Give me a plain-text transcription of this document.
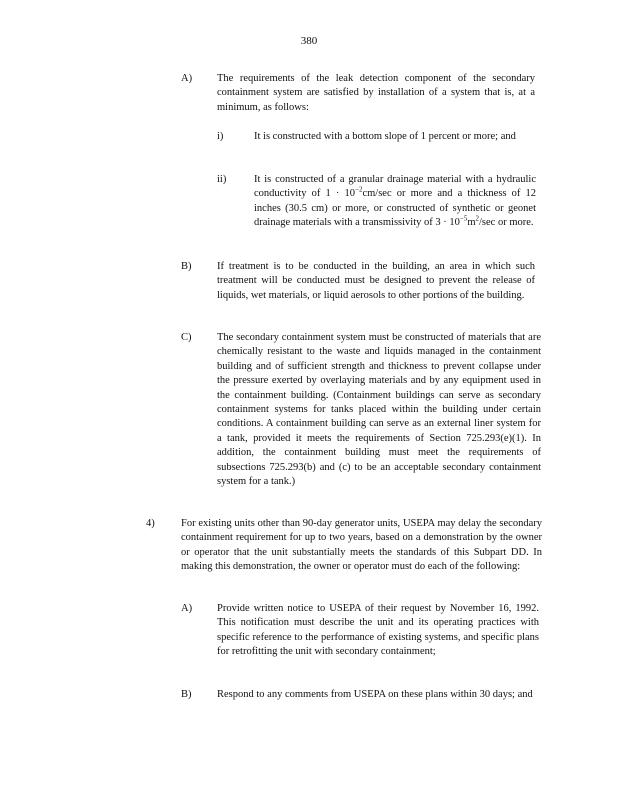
380
A) The requirements of the leak detection component of the secondary containment system are satisfied by installation of a system that is, at a minimum, as follows:

i)	It is constructed with a bottom slope of 1 percent or more; and

ii)	It is constructed of a granular drainage material with a hydraulic conductivity of $1 \cdot 10^{-2}cm/\sec$ or more and a thickness of 12 inches (30.5 cm) or more, or constructed of synthetic or geonet drainage materials with a transmissivity of $3 \cdot 10^{-5}m^2/\sec$ or more.

B) If treatment is to be conducted in the building, an area in which such treatment will be conducted must be designed to prevent the release of liquids, wet materials, or liquid aerosols to other portions of the building.

C) The secondary containment system must be constructed of materials that are chemically resistant to the waste and liquids managed in the containment building and of sufficient strength and thickness to prevent collapse under the pressure exerted by overlaying materials and by any equipment used in the containment building. (Containment buildings can serve as secondary containment systems for tanks placed within the building under certain conditions. A containment building can serve as an external liner system for a tank, provided it meets the requirements of Section 725.293(e)(1). In addition, the containment building must meet the requirements of subsections 725.293(b) and (c) to be an acceptable secondary containment system for a tank.)

4)	For existing units other than 90-day generator units, USEPA may delay the secondary containment requirement for up to two years, based on a demonstration by the owner or operator that the unit substantially meets the standards of this Subpart DD. In making this demonstration, the owner or operator must do each of the following:

A) Provide written notice to USEPA of their request by November 16, 1992. This notification must describe the unit and its operating practices with specific reference to the performance of existing systems, and specific plans for retrofitting the unit with secondary containment;

B) Respond to any comments from USEPA on these plans within 30 days; and
